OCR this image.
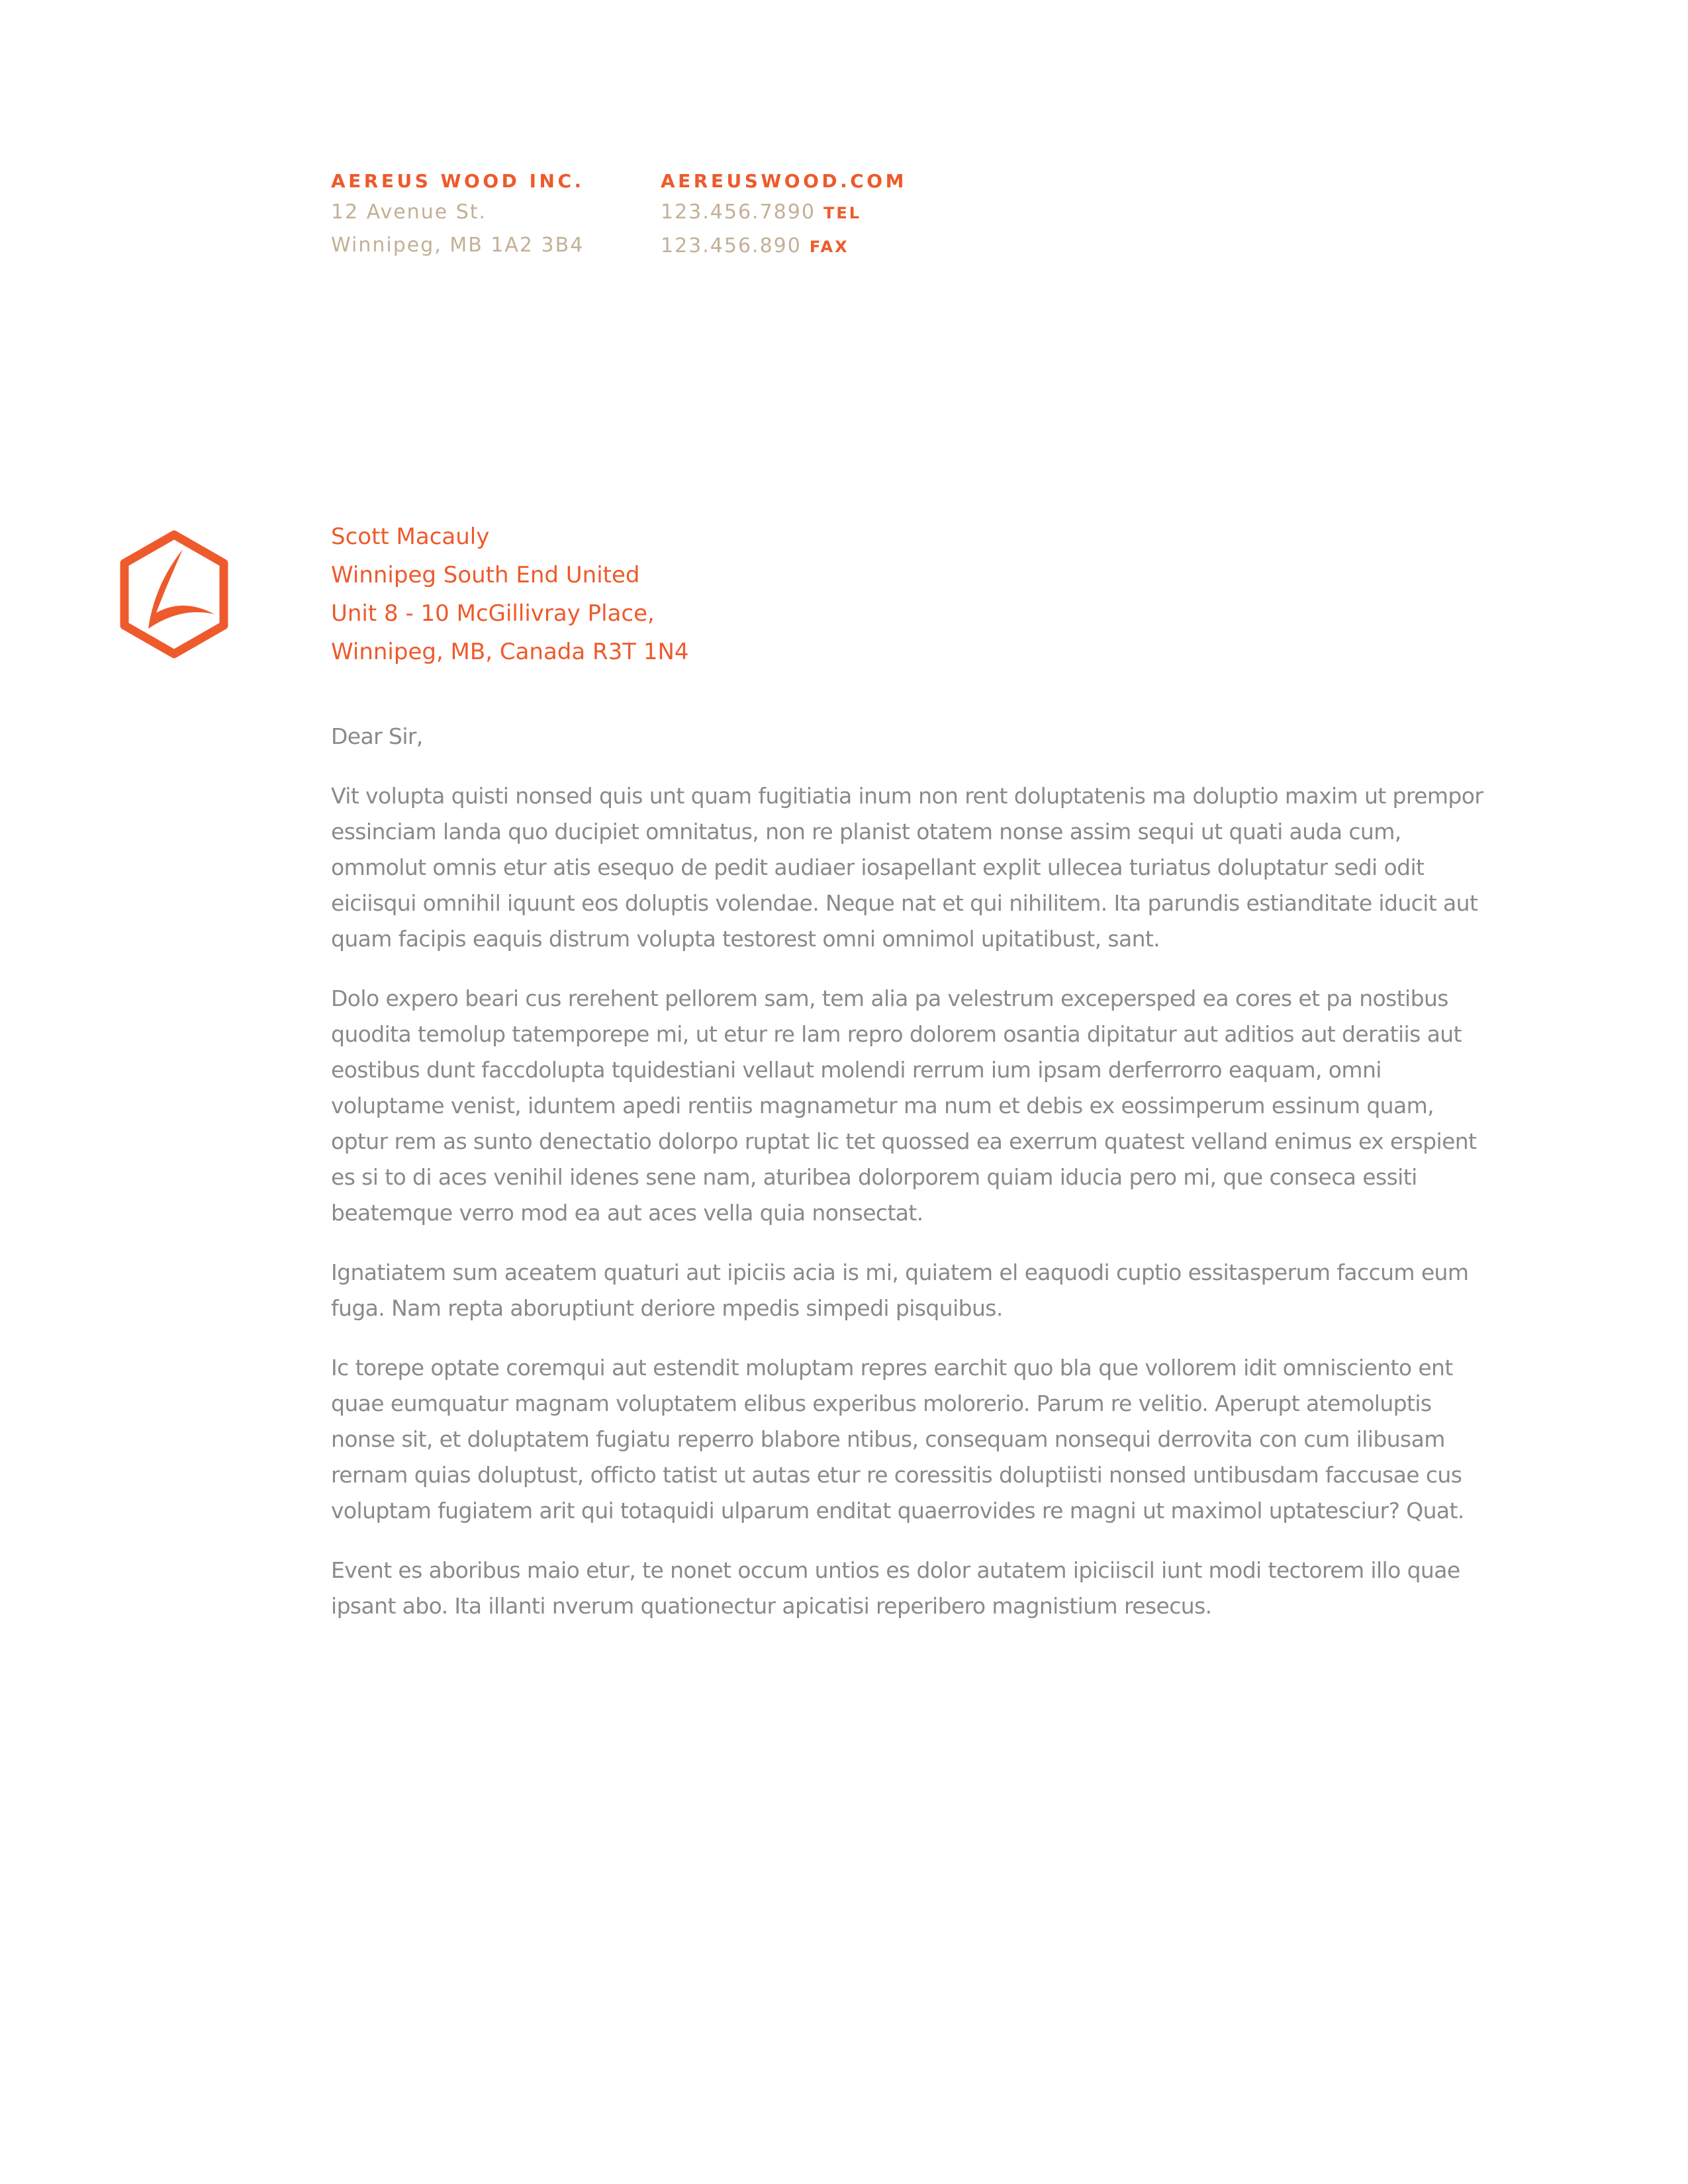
AEREUS WOOD INC.
12 Avenue St.
Winnipeg, MB 1A2 3B4
AEREUSWOOD.COM
123.456.7890 TEL
123.456.890 FAX
Scott Macauly
Winnipeg South End United
Unit 8 - 10 McGillivray Place,
Winnipeg, MB, Canada R3T 1N4

Dear Sir,

Vit volupta quisti nonsed quis unt quam fugitiatia inum non rent doluptatenis ma doluptio maxim ut prempor essinciam landa quo ducipiet omnitatus, non re planist otatem nonse assim sequi ut quati auda cum, ommolut omnis etur atis esequo de pedit audiaer iosapellant explit ullecea turiatus doluptatur sedi odit eiciisqui omnihil iquunt eos doluptis volendae. Neque nat et qui nihilitem. Ita parundis estianditate iducit aut quam facipis eaquis distrum volupta testorest omni omnimol upitatibust, sant.

Dolo expero beari cus rerehent pellorem sam, tem alia pa velestrum excepersped ea cores et pa nostibus quodita temolup tatemporepe mi, ut etur re lam repro dolorem osantia dipitatur aut aditios aut deratiis aut eostibus dunt faccdolupta tquidestiani vellaut molendi rerrum ium ipsam derferrorro eaquam, omni voluptame venist, iduntem apedi rentiis magnametur ma num et debis ex eossimperum essinum quam, optur rem as sunto denectatio dolorpo ruptat lic tet quossed ea exerrum quatest velland enimus ex erspient es si to di aces venihil idenes sene nam, aturibea dolorporem quiam iducia pero mi, que conseca essiti beatemque verro mod ea aut aces vella quia nonsectat.

Ignatiatem sum aceatem quaturi aut ipiciis acia is mi, quiatem el eaquodi cuptio essitasperum faccum eum fuga. Nam repta aboruptiunt deriore mpedis simpedi pisquibus.

Ic torepe optate coremqui aut estendit moluptam repres earchit quo bla que vollorem idit omnisciento ent quae eumquatur magnam voluptatem elibus experibus molorerio. Parum re velitio. Aperupt atemoluptis nonse sit, et doluptatem fugiatu reperro blabore ntibus, consequam nonsequi derrovita con cum ilibusam rernam quias doluptust, officto tatist ut autas etur re coressitis doluptiisti nonsed untibusdam faccusae cus voluptam fugiatem arit qui totaquidi ulparum enditat quaerrovides re magni ut maximol uptatesciur? Quat.

Event es aboribus maio etur, te nonet occum untios es dolor autatem ipiciiscil iunt modi tectorem illo quae ipsant abo. Ita illanti nverum quationectur apicatisi reperibero magnistium resecus.
